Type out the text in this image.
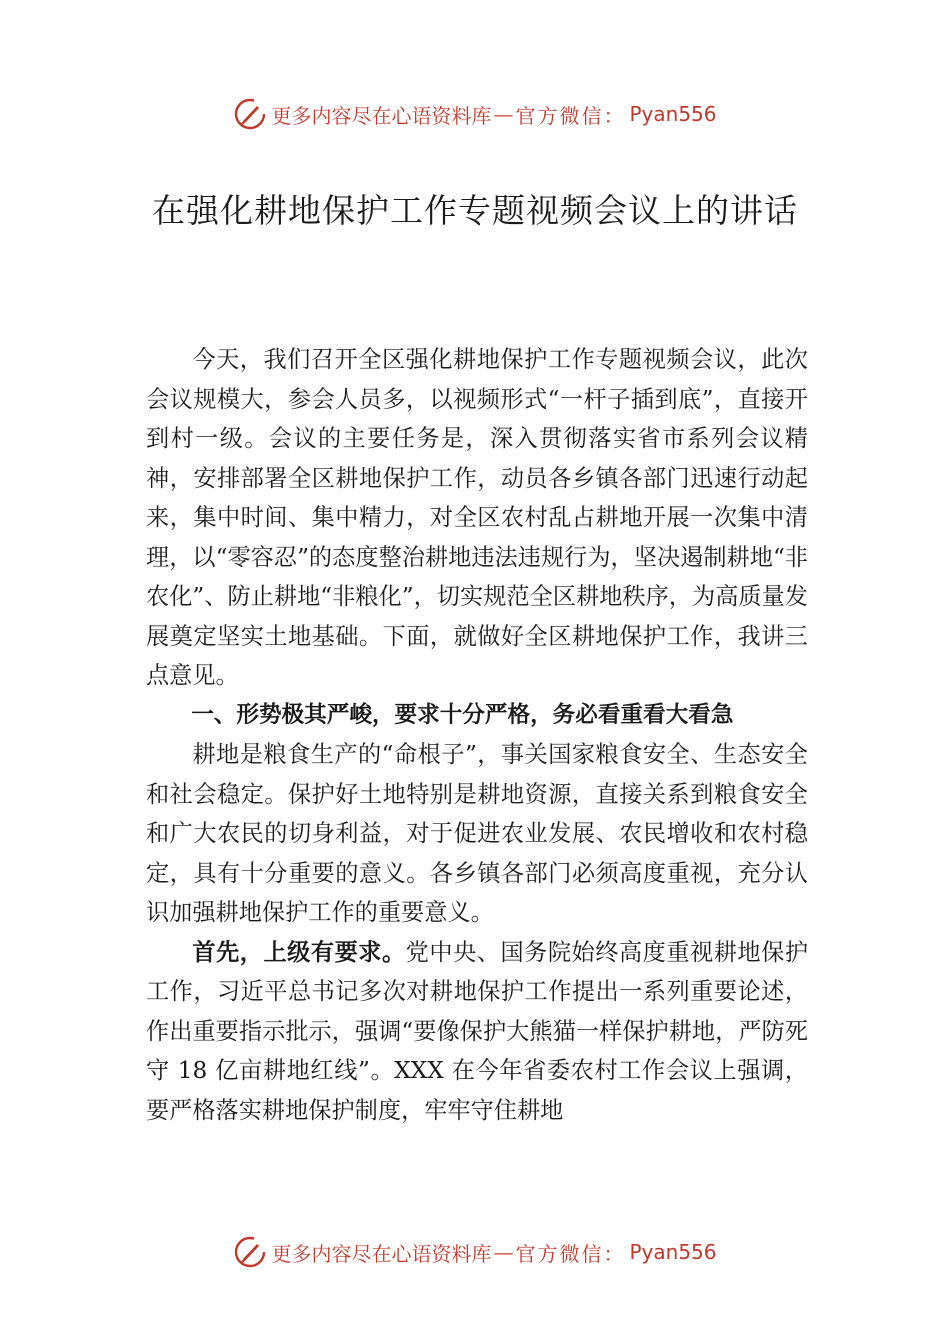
更多内容尽在心语资料库 — 官方微信 ： Pyan556
在强化耕地保护工作专题视频会议上的讲话

今天，我们召开全区强化耕地保护工作专题视频会议，此次会议规模大，参会人员多，以视频形式“一杆子插到底”，直接开到村一级。会议的主要任务是，深入贯彻落实省市系列会议精神，安排部署全区耕地保护工作，动员各乡镇各部门迅速行动起来，集中时间、集中精力，对全区农村乱占耕地开展一次集中清理，以“零容忍”的态度整治耕地违法违规行为，坚决遏制耕地“非农化”、防止耕地“非粮化”，切实规范全区耕地秩序，为高质量发展奠定坚实土地基础。下面，就做好全区耕地保护工作，我讲三点意见。

一、形势极其严峻，要求十分严格，务必看重看大看急

耕地是粮食生产的“命根子”，事关国家粮食安全、生态安全和社会稳定。保护好土地特别是耕地资源，直接关系到粮食安全和广大农民的切身利益，对于促进农业发展、农民增收和农村稳定，具有十分重要的意义。各乡镇各部门必须高度重视，充分认识加强耕地保护工作的重要意义。

首先，上级有要求。党中央、国务院始终高度重视耕地保护工作，习近平总书记多次对耕地保护工作提出一系列重要论述，作出重要指示批示，强调“要像保护大熊猫一样保护耕地，严防死守 18 亿亩耕地红线”。XXX 在今年省委农村工作会议上强调，要严格落实耕地保护制度，牢牢守住耕地

更多内容尽在心语资料库 — 官方微信 ： Pyan556
